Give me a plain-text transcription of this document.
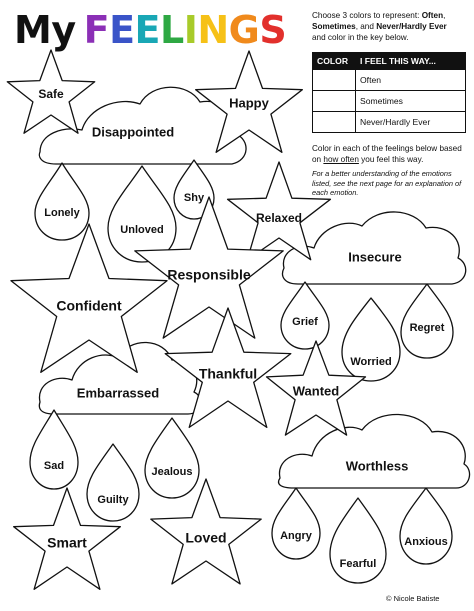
My FEELINGS	Choose 3 colors to represent: Often, Sometimes, and Never/Hardly Ever
and color in the key below.
COLOR	I FEEL THIS WAY...
	Often
	Sometimes
	Never/Hardly Ever
Color in each of the feelings below based on how often you feel this way.
For a better understanding of the emotions listed, see the next page for an explanation of each emotion.
Disappointed
Lonely
Unloved
Shy
Insecure
Grief	Regret
Worried
Embarrassed
Sad	Jealous
Guilty
Worthless
Angry	Anxious
Fearful
Safe
Happy
Relaxed
Confident
Responsible
Thankful
Wanted
Smart	Loved
© Nicole Batiste
